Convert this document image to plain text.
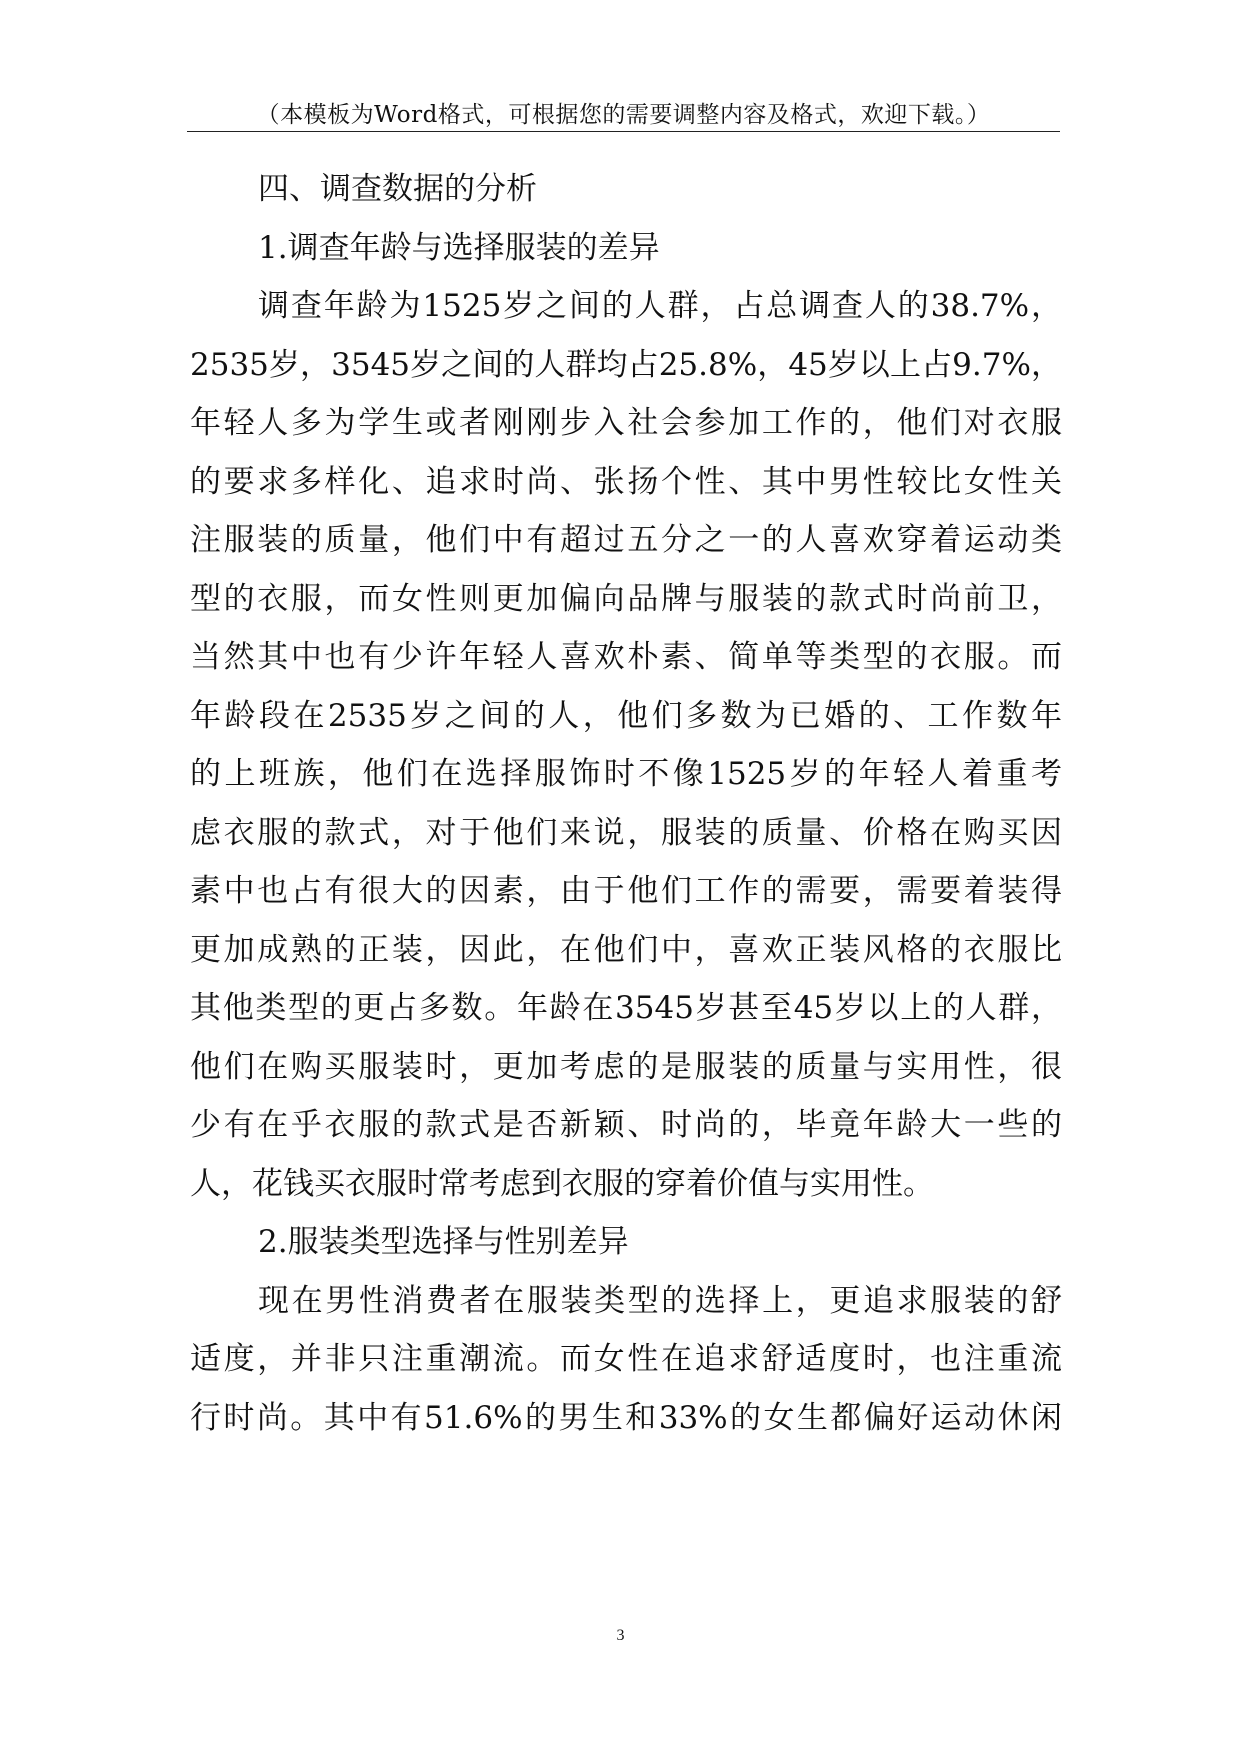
（本模板为Word格式，可根据您的需要调整内容及格式，欢迎下载。）
四、调查数据的分析
1.调查年龄与选择服装的差异
调查年龄为1525岁之间的人群，占总调查人的38.7%，
2535岁，3545岁之间的人群均占25.8%，45岁以上占9.7%，
年轻人多为学生或者刚刚步入社会参加工作的，他们对衣服
的要求多样化、追求时尚、张扬个性、其中男性较比女性关
注服装的质量，他们中有超过五分之一的人喜欢穿着运动类
型的衣服，而女性则更加偏向品牌与服装的款式时尚前卫，
当然其中也有少许年轻人喜欢朴素、简单等类型的衣服。而
年龄段在2535岁之间的人，他们多数为已婚的、工作数年
的上班族，他们在选择服饰时不像1525岁的年轻人着重考
虑衣服的款式，对于他们来说，服装的质量、价格在购买因
素中也占有很大的因素，由于他们工作的需要，需要着装得
更加成熟的正装，因此，在他们中，喜欢正装风格的衣服比
其他类型的更占多数。年龄在3545岁甚至45岁以上的人群，
他们在购买服装时，更加考虑的是服装的质量与实用性，很
少有在乎衣服的款式是否新颖、时尚的，毕竟年龄大一些的
人，花钱买衣服时常考虑到衣服的穿着价值与实用性。
2.服装类型选择与性别差异
现在男性消费者在服装类型的选择上，更追求服装的舒
适度，并非只注重潮流。而女性在追求舒适度时，也注重流
行时尚。其中有51.6%的男生和33%的女生都偏好运动休闲
3
